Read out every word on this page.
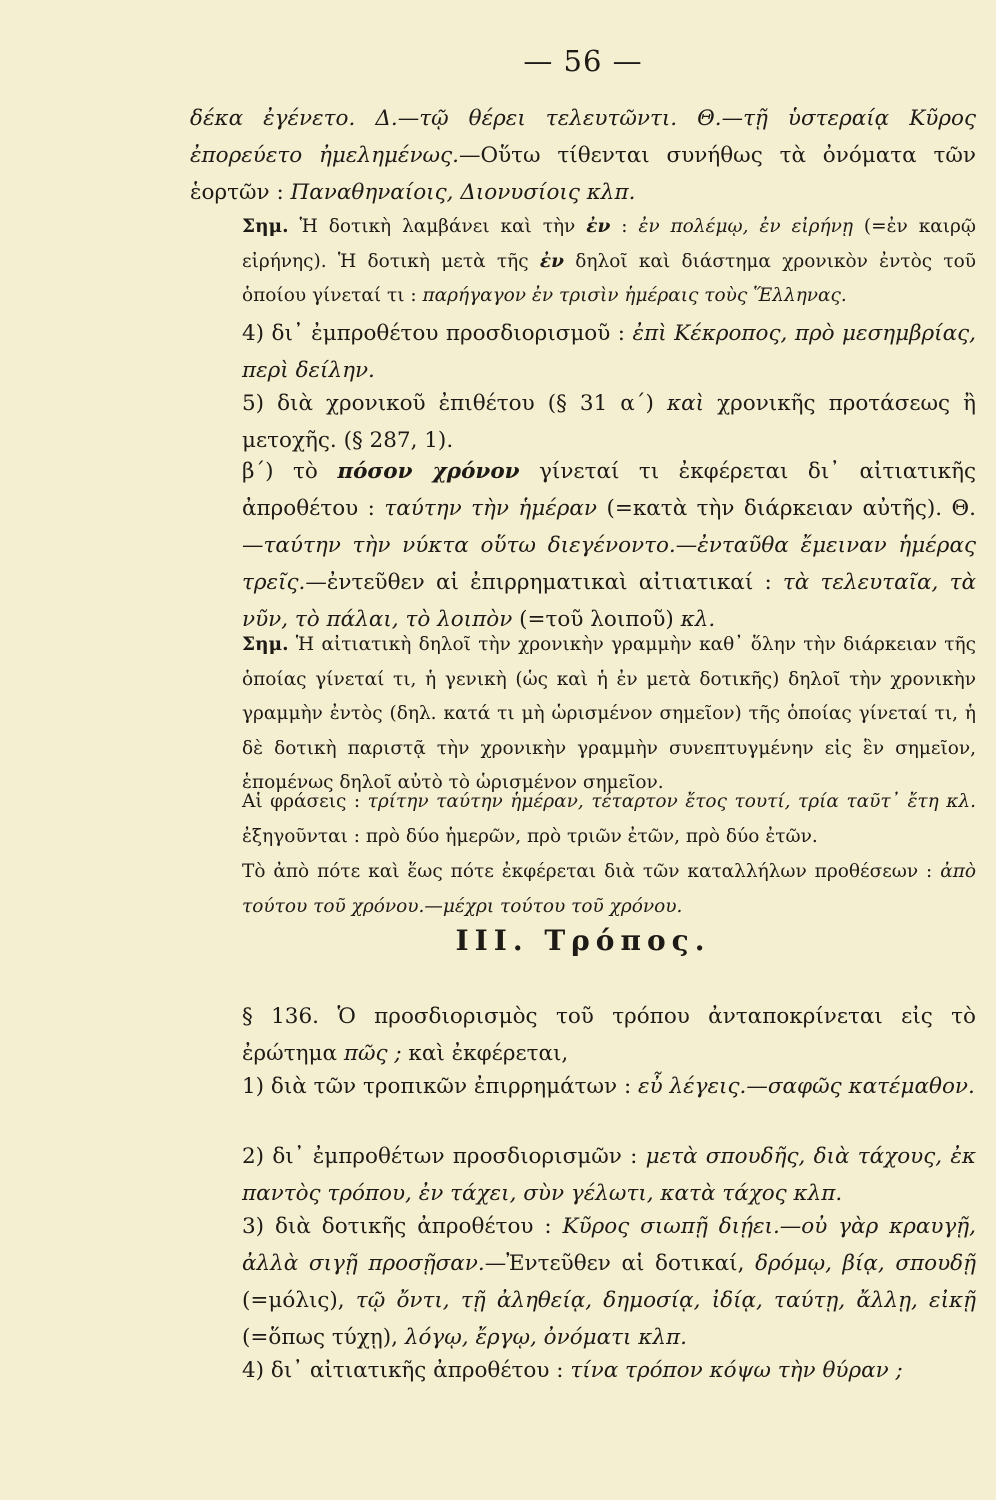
— 56 —

δέκα ἐγένετο. Δ.—τῷ θέρει τελευτῶντι. Θ.—τῇ ὑστεραίᾳ Κῦρος ἐπορεύετο ἠμελημένως.—Οὕτω τίθενται συνήθως τὰ ὀνόματα τῶν ἑορτῶν : Παναθηναίοις, Διονυσίοις κλπ.

Σημ. Ἡ δοτικὴ λαμβάνει καὶ τὴν ἐν : ἐν πολέμῳ, ἐν εἰρήνῃ (=ἐν καιρῷ εἰρήνης). Ἡ δοτικὴ μετὰ τῆς ἐν δηλοῖ καὶ διάστημα χρονικὸν ἐντὸς τοῦ ὁποίου γίνεταί τι : παρήγαγον ἐν τρισὶν ἡμέραις τοὺς Ἕλληνας.

4) δι᾽ ἐμπροθέτου προσδιορισμοῦ : ἐπὶ Κέκροπος, πρὸ μεσημβρίας, περὶ δείλην.

5) διὰ χρονικοῦ ἐπιθέτου (§ 31 α΄) καὶ χρονικῆς προτάσεως ἢ μετοχῆς. (§ 287, 1).

β΄) τὸ πόσον χρόνον γίνεταί τι ἐκφέρεται δι᾽ αἰτιατικῆς ἀπροθέτου : ταύτην τὴν ἡμέραν (=κατὰ τὴν διάρκειαν αὐτῆς). Θ. —ταύτην τὴν νύκτα οὕτω διεγένοντο.—ἐνταῦθα ἔμειναν ἡμέρας τρεῖς.—ἐντεῦθεν αἱ ἐπιρρηματικαὶ αἰτιατικαί : τὰ τελευταῖα, τὰ νῦν, τὸ πάλαι, τὸ λοιπὸν (=τοῦ λοιποῦ) κλ.

Σημ. Ἡ αἰτιατικὴ δηλοῖ τὴν χρονικὴν γραμμὴν καθ᾽ ὅλην τὴν διάρκειαν τῆς ὁποίας γίνεταί τι, ἡ γενικὴ (ὡς καὶ ἡ ἐν μετὰ δοτικῆς) δηλοῖ τὴν χρονικὴν γραμμὴν ἐντὸς (δηλ. κατά τι μὴ ὡρισμένον σημεῖον) τῆς ὁποίας γίνεταί τι, ἡ δὲ δοτικὴ παριστᾷ τὴν χρονικὴν γραμμὴν συνεπτυγμένην εἰς ἓν σημεῖον, ἑπομένως δηλοῖ αὐτὸ τὸ ὡρισμένον σημεῖον.

Αἱ φράσεις : τρίτην ταύτην ἡμέραν, τέταρτον ἔτος τουτί, τρία ταῦτ᾽ ἔτη κλ. ἐξηγοῦνται : πρὸ δύο ἡμερῶν, πρὸ τριῶν ἐτῶν, πρὸ δύο ἐτῶν.

Τὸ ἀπὸ πότε καὶ ἕως πότε ἐκφέρεται διὰ τῶν καταλλήλων προθέσεων : ἀπὸ τούτου τοῦ χρόνου.—μέχρι τούτου τοῦ χρόνου.

III. Τρόπος.

§ 136. Ὁ προσδιορισμὸς τοῦ τρόπου ἀνταποκρίνεται εἰς τὸ ἐρώτημα πῶς ; καὶ ἐκφέρεται,

1) διὰ τῶν τροπικῶν ἐπιρρημάτων : εὖ λέγεις.—σαφῶς κατέμαθον.

2) δι᾽ ἐμπροθέτων προσδιορισμῶν : μετὰ σπουδῆς, διὰ τάχους, ἐκ παντὸς τρόπου, ἐν τάχει, σὺν γέλωτι, κατὰ τάχος κλπ.

3) διὰ δοτικῆς ἀπροθέτου : Κῦρος σιωπῇ διῄει.—οὐ γὰρ κραυγῇ, ἀλλὰ σιγῇ προσῇσαν.—Ἐντεῦθεν αἱ δοτικαί, δρόμῳ, βίᾳ, σπουδῇ (=μόλις), τῷ ὄντι, τῇ ἀληθείᾳ, δημοσίᾳ, ἰδίᾳ, ταύτῃ, ἄλλῃ, εἰκῇ (=ὅπως τύχῃ), λόγῳ, ἔργῳ, ὀνόματι κλπ.

4) δι᾽ αἰτιατικῆς ἀπροθέτου : τίνα τρόπον κόψω τὴν θύραν ;
